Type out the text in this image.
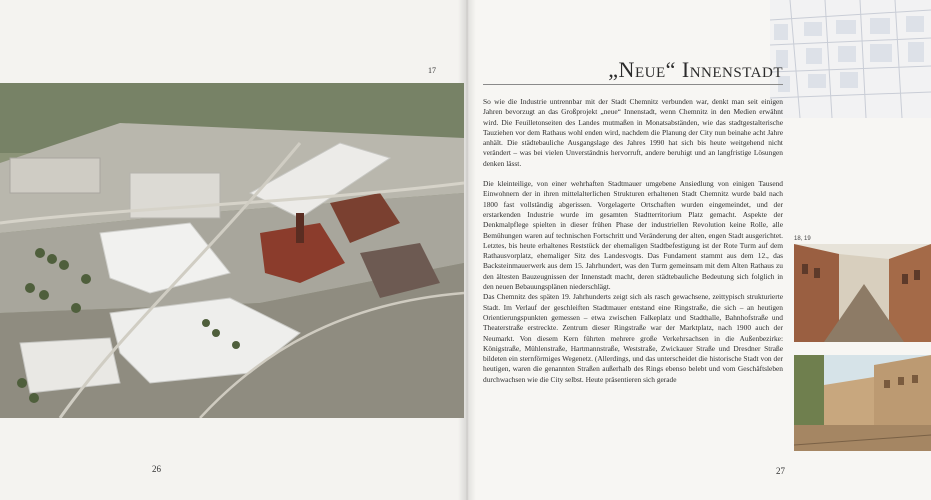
17
26
„Neue“ Innenstadt

So wie die Industrie untrennbar mit der Stadt Chemnitz verbunden war, denkt man seit einigen Jahren bevorzugt an das Großprojekt „neue“ Innenstadt, wenn Chemnitz in den Medien erwähnt wird. Die Feuilletonseiten des Landes mutmaßen in Monatsabständen, wie das stadtgestalterische Tauziehen vor dem Rathaus wohl enden wird, nachdem die Planung der City nun beinahe acht Jahre anhält. Die städtebauliche Ausgangslage des Jahres 1990 hat sich bis heute weitgehend nicht verändert – was bei vielen Unverständnis hervorruft, andere beruhigt und an langfristige Lösungen denken lässt.

Die kleinteilige, von einer wehrhaften Stadtmauer umgebene Ansiedlung von einigen Tausend Einwohnern der in ihren mittelalterlichen Strukturen erhaltenen Stadt Chemnitz wurde bald nach 1800 fast vollständig abgerissen. Vorgelagerte Ortschaften wurden eingemeindet, und der erstarkenden Industrie wurde im gesamten Stadtterritorium Platz gemacht. Aspekte der Denkmalpflege spielten in dieser frühen Phase der industriellen Revolution keine Rolle, alle Bemühungen waren auf technischen Fortschritt und Veränderung der alten, engen Stadt ausgerichtet. Letztes, bis heute erhaltenes Reststück der ehemaligen Stadtbefestigung ist der Rote Turm auf dem Rathausvorplatz, ehemaliger Sitz des Landesvogts. Das Fundament stammt aus dem 12., das Backsteinmauerwerk aus dem 15. Jahrhundert, was den Turm gemeinsam mit dem Alten Rathaus zu den ältesten Bauzeugnissen der Innenstadt macht, deren städtebauliche Bedeutung sich folglich in den neuen Bebauungsplänen niederschlägt.

Das Chemnitz des späten 19. Jahrhunderts zeigt sich als rasch gewachsene, zeittypisch strukturierte Stadt. Im Verlauf der geschleiften Stadtmauer entstand eine Ringstraße, die sich – an heutigen Orientierungspunkten gemessen – etwa zwischen Falkeplatz und Stadthalle, Bahnhofstraße und Theaterstraße erstreckte. Zentrum dieser Ringstraße war der Marktplatz, nach 1900 auch der Neumarkt. Von diesem Kern führten mehrere große Verkehrsachsen in die Außenbezirke: Königstraße, Mühlenstraße, Hartmannstraße, Weststraße, Zwickauer Straße und Dresdner Straße bildeten ein sternförmiges Wegenetz. (Allerdings, und das unterscheidet die historische Stadt von der heutigen, waren die genannten Straßen außerhalb des Rings ebenso belebt und vom Geschäftsleben durchwachsen wie die City selbst. Heute präsentieren sich gerade

18, 19
27
